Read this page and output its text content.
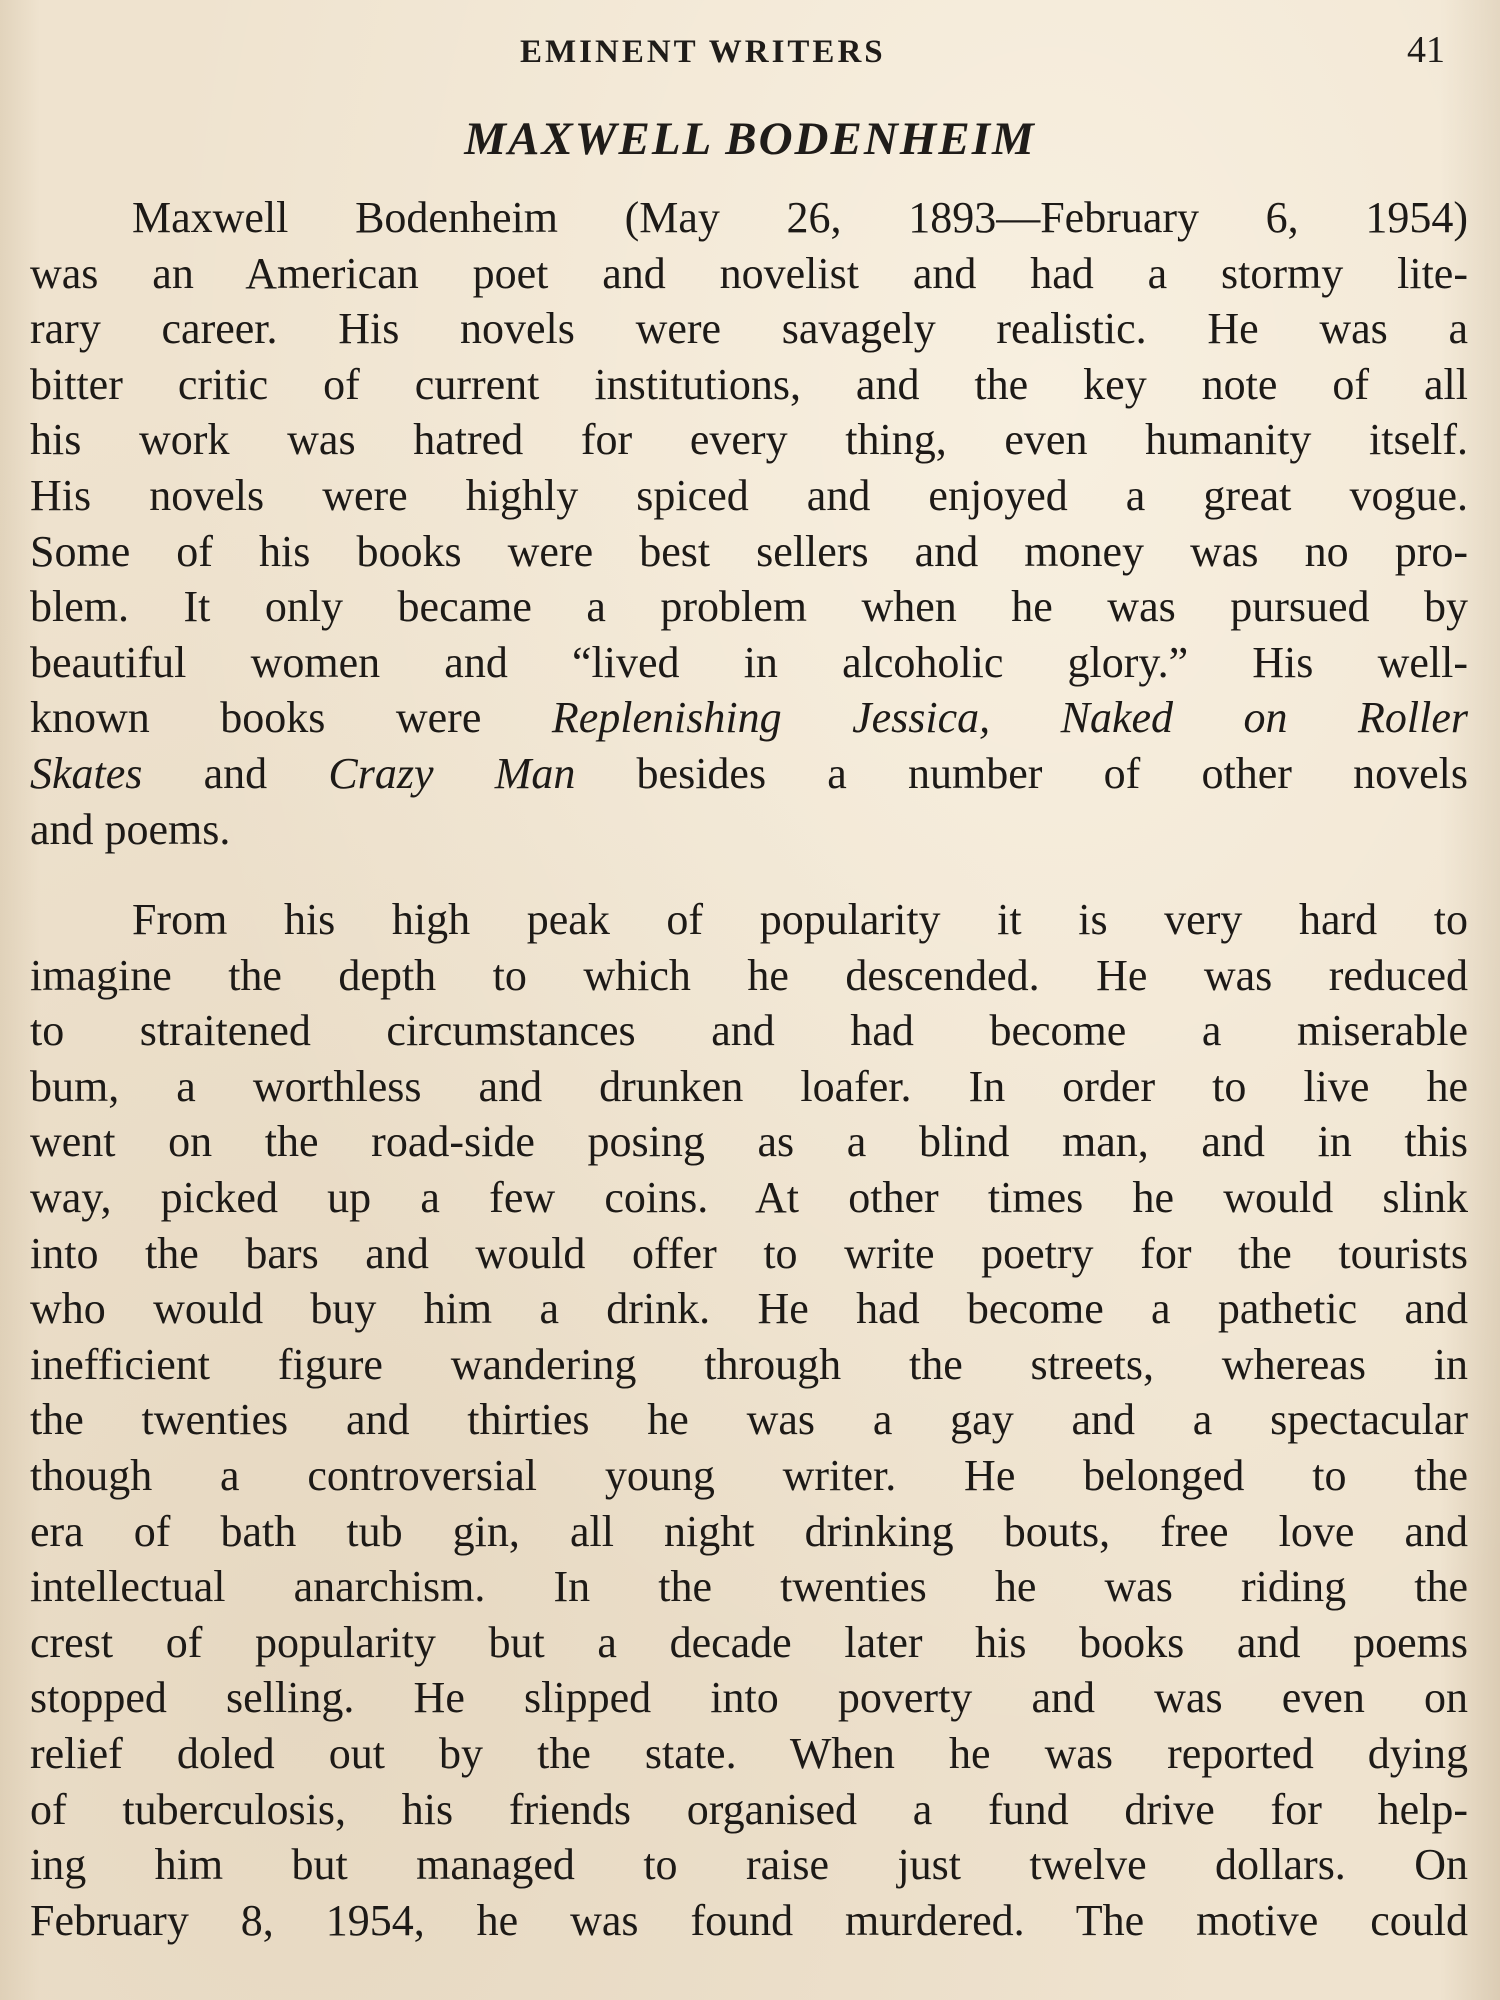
EMINENT WRITERS	41
MAXWELL BODENHEIM
Maxwell Bodenheim (May 26, 1893—February 6, 1954)
was an American poet and novelist and had a stormy lite-
rary career. His novels were savagely realistic. He was a
bitter critic of current institutions, and the key note of all
his work was hatred for every thing, even humanity itself.
His novels were highly spiced and enjoyed a great vogue.
Some of his books were best sellers and money was no pro-
blem. It only became a problem when he was pursued by
beautiful women and “lived in alcoholic glory.” His well-
known books were Replenishing Jessica, Naked on Roller
Skates and Crazy Man besides a number of other novels
and poems.
From his high peak of popularity it is very hard to
imagine the depth to which he descended. He was reduced
to straitened circumstances and had become a miserable
bum, a worthless and drunken loafer. In order to live he
went on the road-side posing as a blind man, and in this
way, picked up a few coins. At other times he would slink
into the bars and would offer to write poetry for the tourists
who would buy him a drink. He had become a pathetic and
inefficient figure wandering through the streets, whereas in
the twenties and thirties he was a gay and a spectacular
though a controversial young writer. He belonged to the
era of bath tub gin, all night drinking bouts, free love and
intellectual anarchism. In the twenties he was riding the
crest of popularity but a decade later his books and poems
stopped selling. He slipped into poverty and was even on
relief doled out by the state. When he was reported dying
of tuberculosis, his friends organised a fund drive for help-
ing him but managed to raise just twelve dollars. On
February 8, 1954, he was found murdered. The motive could
